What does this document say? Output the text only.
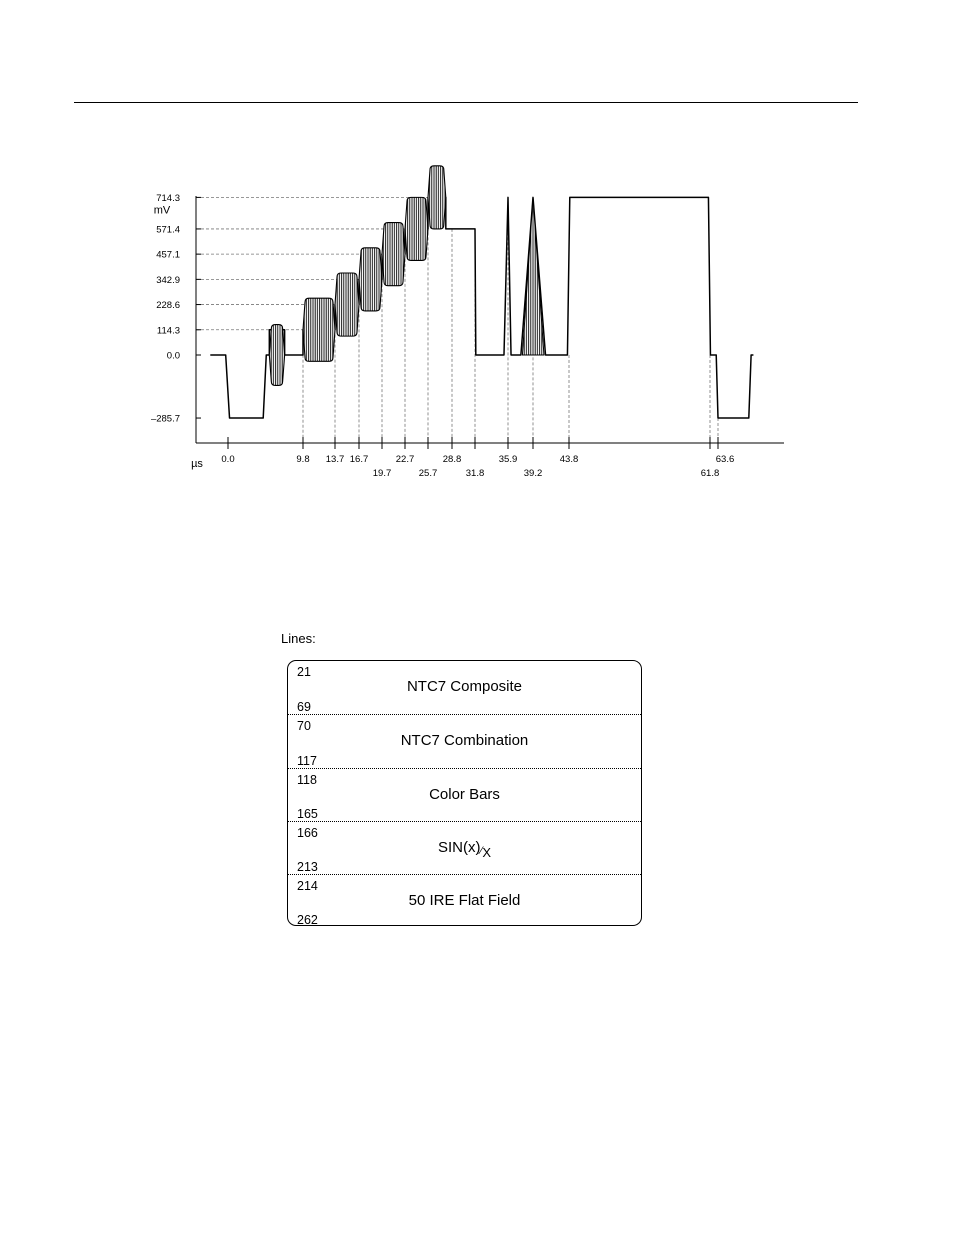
714.3
571.4
457.1
342.9
228.6
114.3
0.0
–285.7
mV
µs 0.0	9.8 13.7 16.7	22.7	28.8	35.9	43.8	63.6
19.7	25.7	31.8	39.2	61.8
Lines:
21
NTC7 Composite
69
70
NTC7 Combination
117
118
Color Bars
165
166
SIN(x)⁄X
213
214
50 IRE Flat Field
262
